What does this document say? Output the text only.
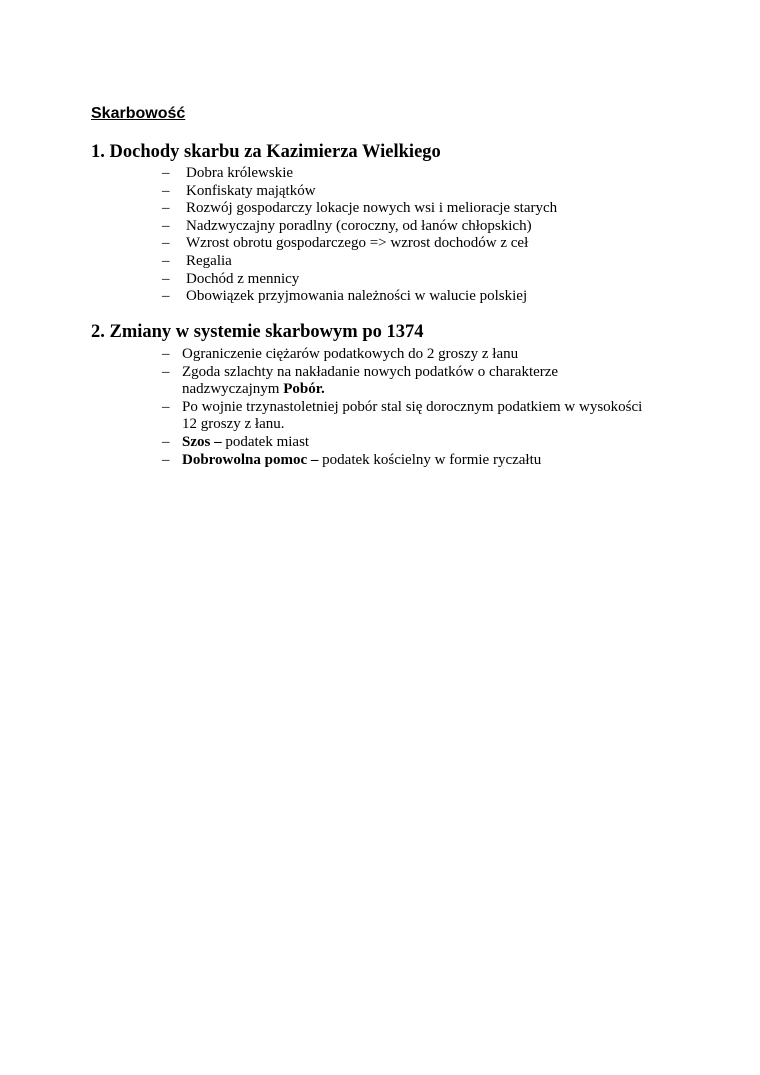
Skarbowość
1. Dochody skarbu za Kazimierza Wielkiego
– Dobra królewskie
– Konfiskaty majątków
– Rozwój gospodarczy lokacje nowych wsi i melioracje starych
– Nadzwyczajny poradlny (coroczny, od łanów chłopskich)
– Wzrost obrotu gospodarczego => wzrost dochodów z ceł
– Regalia
– Dochód z mennicy
– Obowiązek przyjmowania należności w walucie polskiej
2. Zmiany w systemie skarbowym po 1374
– Ograniczenie ciężarów podatkowych do 2 groszy z łanu
– Zgoda szlachty na nakładanie nowych podatków o charakterze
nadzwyczajnym Pobór.
– Po wojnie trzynastoletniej pobór stal się dorocznym podatkiem w wysokości
12 groszy z łanu.
– Szos – podatek miast
– Dobrowolna pomoc – podatek kościelny w formie ryczałtu
